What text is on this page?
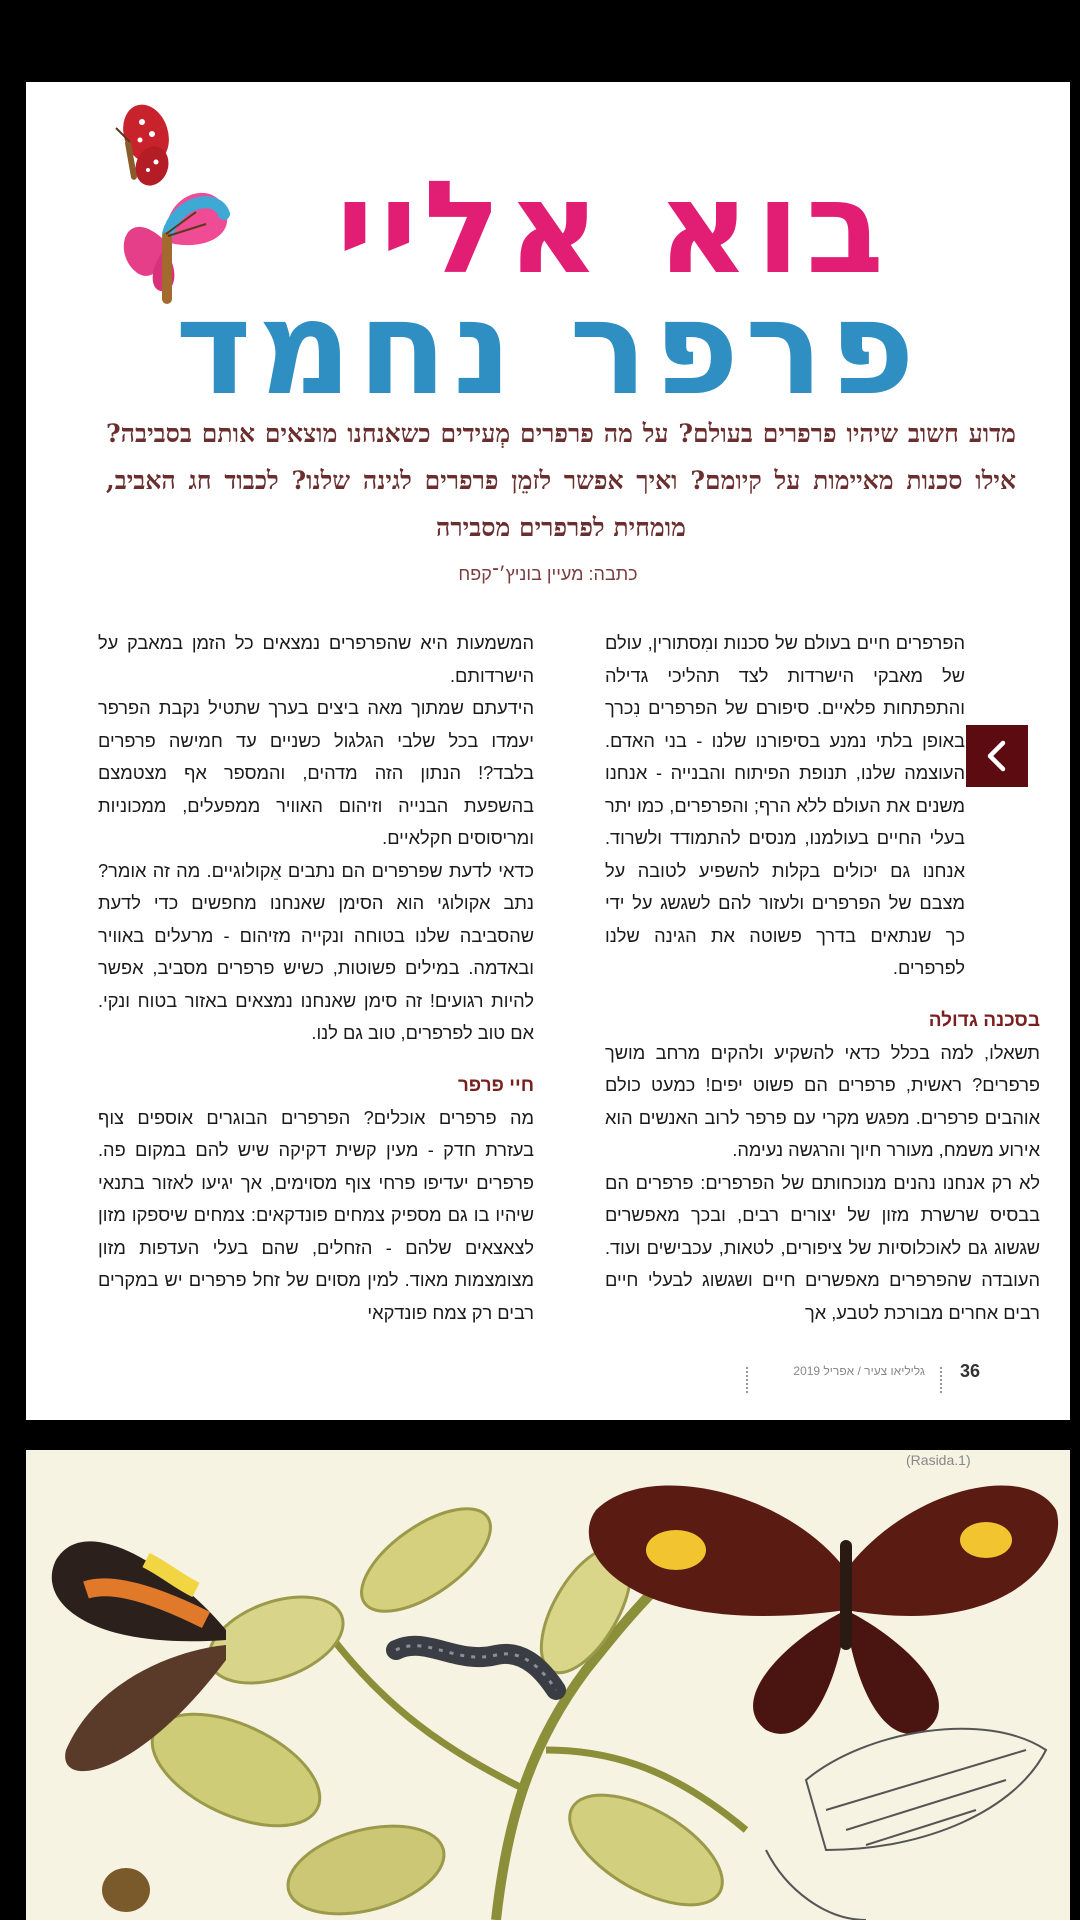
בוא אליי
פרפר נחמד
מדוע חשוב שיהיו פרפרים בעולם? על מה פרפרים מְעידים כשאנחנו מוצאים אותם בסביבה? אילו סכנות מאיימות על קיומם? ואיך אפשר לזמֵן פרפרים לגינה שלנו? לכבוד חג האביב, מומחית לפרפרים מסבירה
כתבה: מעיין בוניץ׳־קפח

הפרפרים חיים בעולם של סכנות ומִסתורין, עולם של מאבקי הישרדות לצד תהליכי גדילה והתפתחות פלאיים. סיפורם של הפרפרים נִכרך באופן בלתי נמנע בסיפורנו שלנו - בני האדם. העוצמה שלנו, תנופת הפיתוח והבנייה - אנחנו משנים את העולם ללא הרף; והפרפרים, כמו יתר בעלי החיים בעולמנו, מנסים להתמודד ולשרוד. אנחנו גם יכולים בקלות להשפיע לטובה על מצבם של הפרפרים ולעזור להם לשגשג על ידי כך שנתאים בדרך פשוטה את הגינה שלנו לפרפרים.

בסכנה גדולה

תשאלו, למה בכלל כדאי להשקיע ולהקים מרחב מושך פרפרים? ראשית, פרפרים הם פשוט יפים! כמעט כולם אוהבים פרפרים. מפגש מקרי עם פרפר לרוב האנשים הוא אירוע משמח, מעורר חיוך והרגשה נעימה.

לא רק אנחנו נהנים מנוכחותם של הפרפרים: פרפרים הם בבסיס שרשרת מזון של יצורים רבים, ובכך מאפשרים שגשוג גם לאוכלוסיות של ציפורים, לטאות, עכבישים ועוד. העובדה שהפרפרים מאפשרים חיים ושגשוג לבעלי חיים רבים אחרים מבורכת לטבע, אך

המשמעות היא שהפרפרים נמצאים כל הזמן במאבק על הישרדותם.

הידעתם שמתוך מאה ביצים בערך שתטיל נקבת הפרפר יעמדו בכל שלבי הגלגול כשניים עד חמישה פרפרים בלבד?! הנתון הזה מדהים, והמספר אף מצטמצם בהשפעת הבנייה וזיהום האוויר ממפעלים, ממכוניות ומריסוסים חקלאיים.

כדאי לדעת שפרפרים הם נתבים אֵקולוגיים. מה זה אומר? נתב אקולוגי הוא הסימן שאנחנו מחפשים כדי לדעת שהסביבה שלנו בטוחה ונקייה מזיהום - מרעלים באוויר ובאדמה. במילים פשוטות, כשיש פרפרים מסביב, אפשר להיות רגועים! זה סימן שאנחנו נמצאים באזור בטוח ונקי. אם טוב לפרפרים, טוב גם לנו.

חיי פרפר

מה פרפרים אוכלים? הפרפרים הבוגרים אוספים צוף בעזרת חדק - מעין קשית דקיקה שיש להם במקום פה. פרפרים יעדיפו פרחי צוף מסוימים, אך יגיעו לאזור בתנאי שיהיו בו גם מספיק צמחים פונדקאים: צמחים שיספקו מזון לצאצאים שלהם - הזחלים, שהם בעלי העדפות מזון מצומצמות מאוד. למין מסוים של זחל פרפרים יש במקרים רבים רק צמח פונדקאי

36
גליליאו צעיר / אפריל 2019
(1.Rasida)
